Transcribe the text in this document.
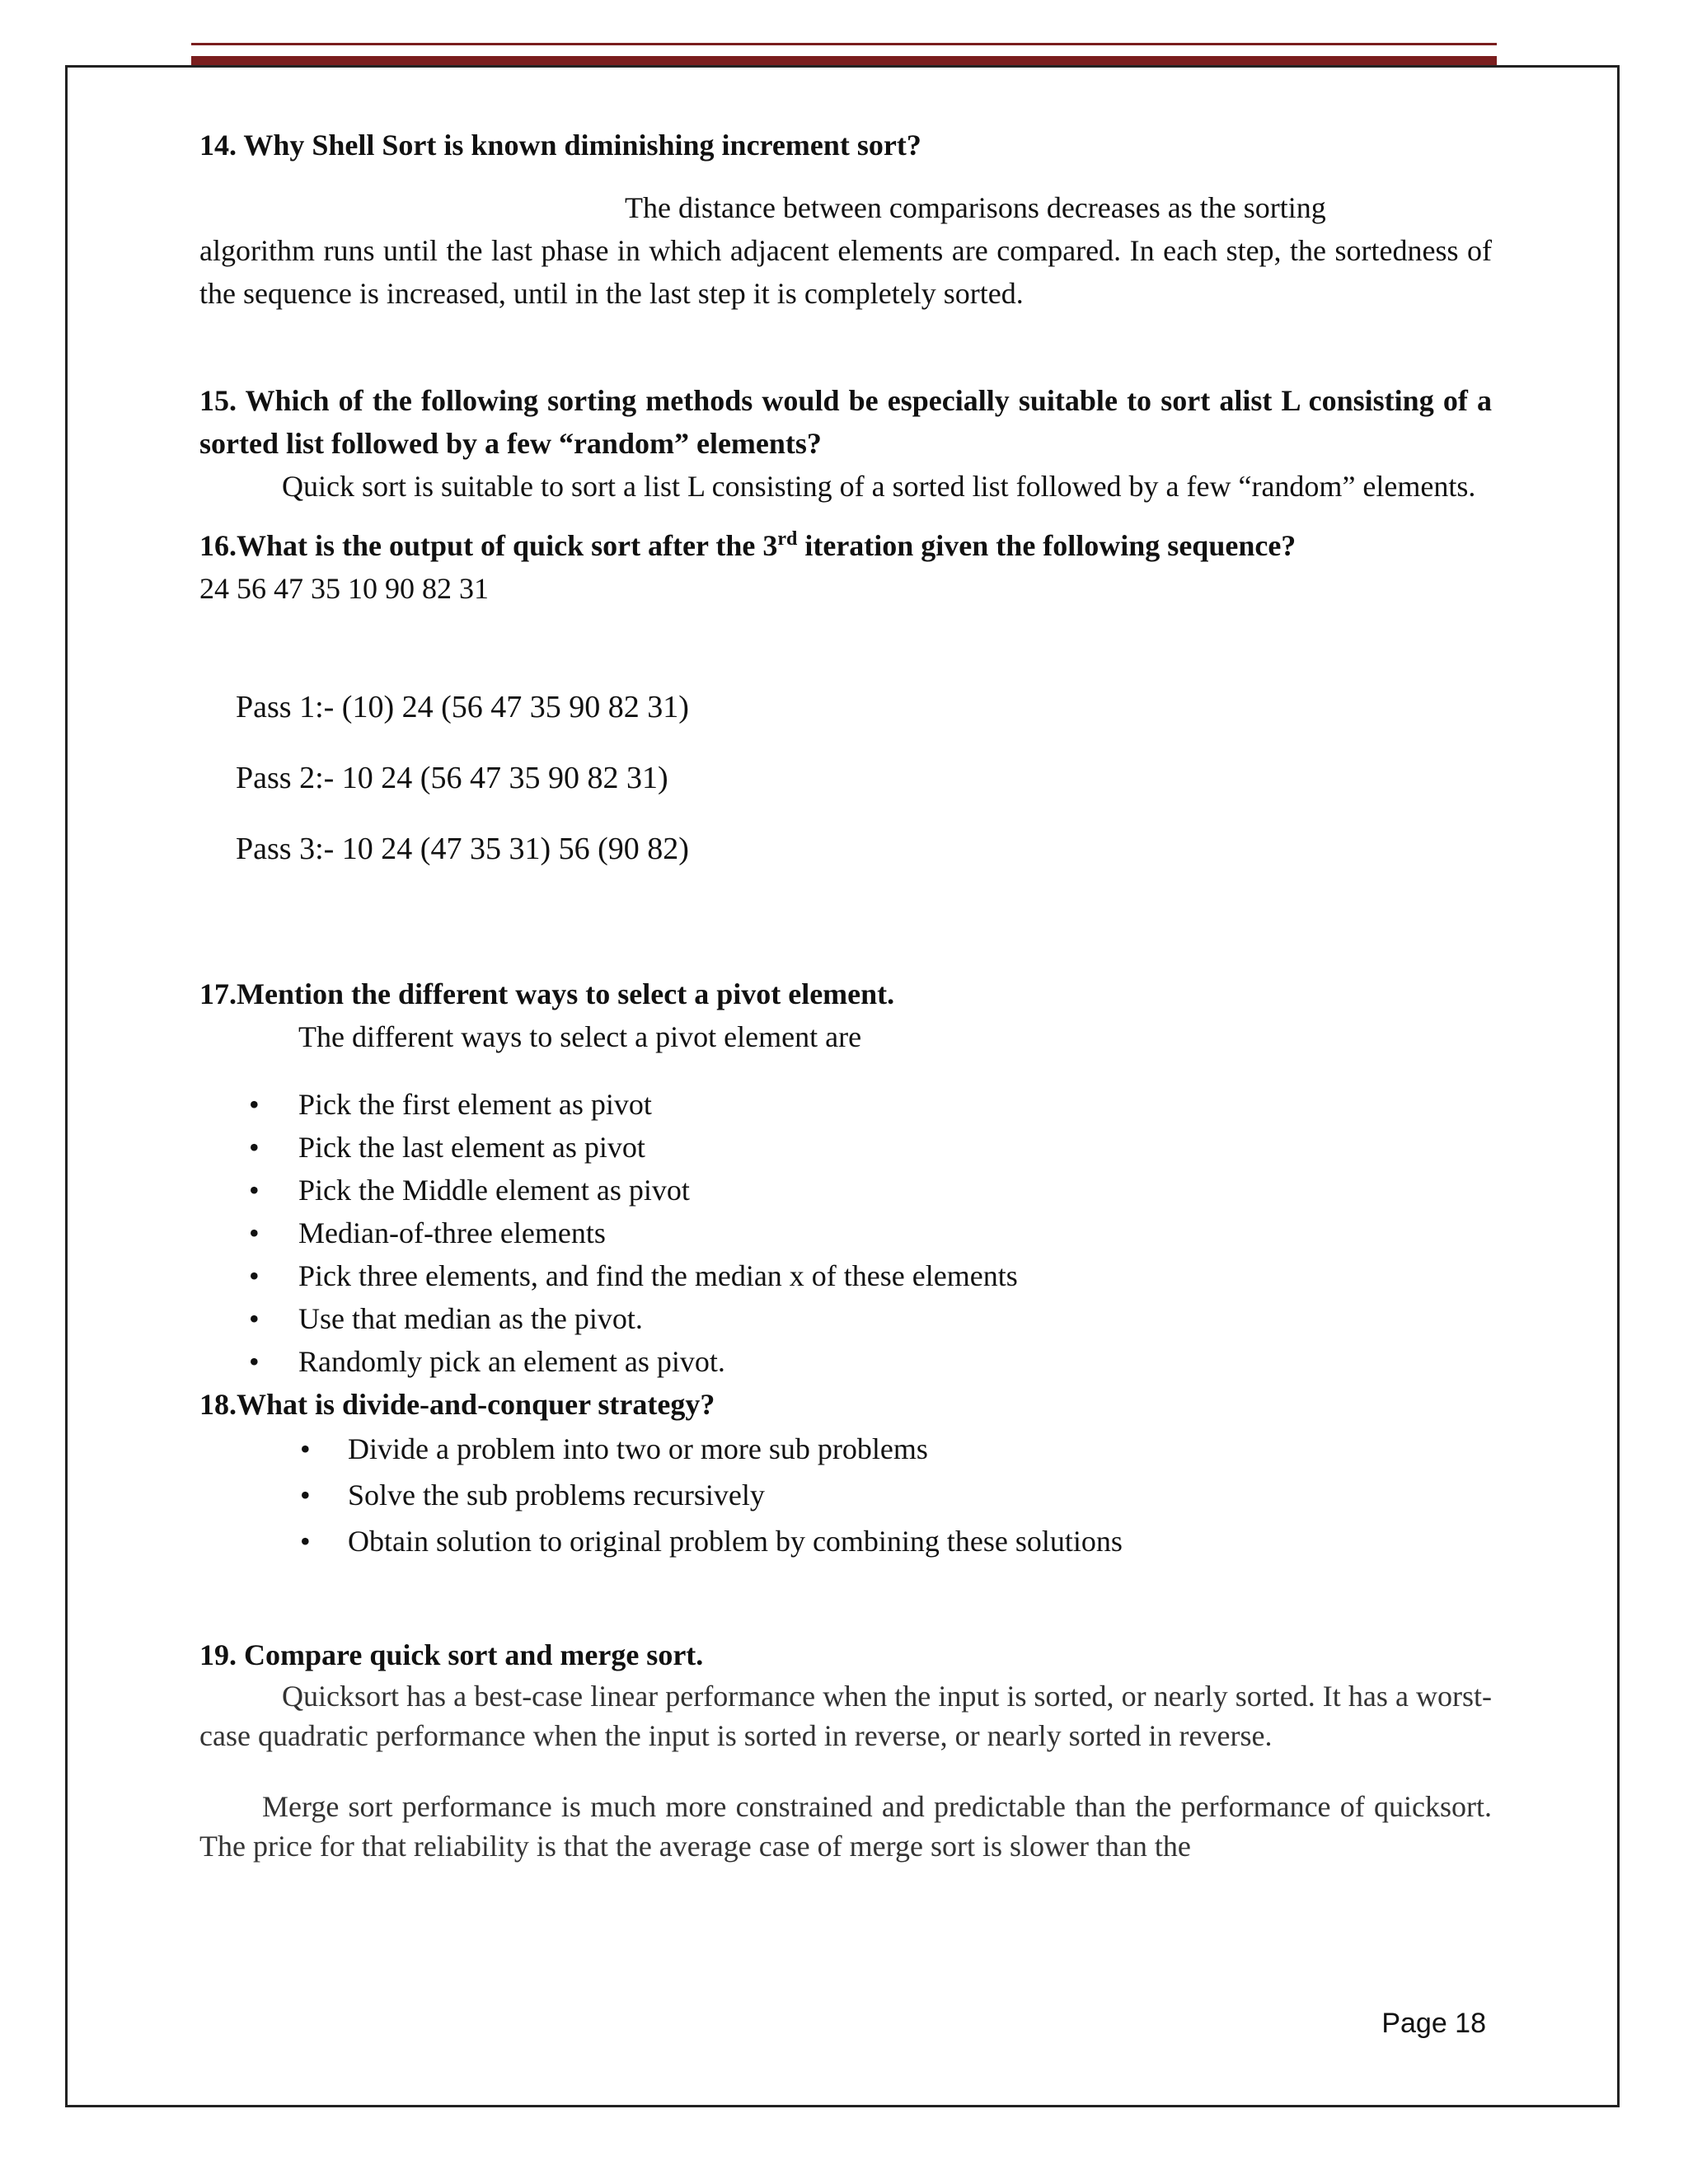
14. Why Shell Sort is known diminishing increment sort?

The distance between comparisons decreases as the sorting

algorithm runs until the last phase in which adjacent elements are compared. In each step, the sortedness of the sequence is increased, until in the last step it is completely sorted.

15. Which of the following sorting methods would be especially suitable to sort alist L consisting of a sorted list followed by a few “random” elements?

Quick sort is suitable to sort a list L consisting of a sorted list followed by a few “random” elements.

16.What is the output of quick sort after the 3rd iteration given the following sequence?

24 56 47 35 10 90 82 31

Pass 1:- (10) 24 (56 47 35 90 82 31)

Pass 2:- 10 24 (56 47 35 90 82 31)

Pass 3:- 10 24 (47 35 31) 56 (90 82)

17.Mention the different ways to select a pivot element.

The different ways to select a pivot element are

• Pick the first element as pivot
• Pick the last element as pivot
• Pick the Middle element as pivot
• Median-of-three elements
• Pick three elements, and find the median x of these elements
• Use that median as the pivot.
• Randomly pick an element as pivot.

18.What is divide-and-conquer strategy?

• Divide a problem into two or more sub problems
• Solve the sub problems recursively
• Obtain solution to original problem by combining these solutions

19. Compare quick sort and merge sort.

Quicksort has a best-case linear performance when the input is sorted, or nearly sorted. It has a worst-case quadratic performance when the input is sorted in reverse, or nearly sorted in reverse.

Merge sort performance is much more constrained and predictable than the performance of quicksort. The price for that reliability is that the average case of merge sort is slower than the

Page 18
